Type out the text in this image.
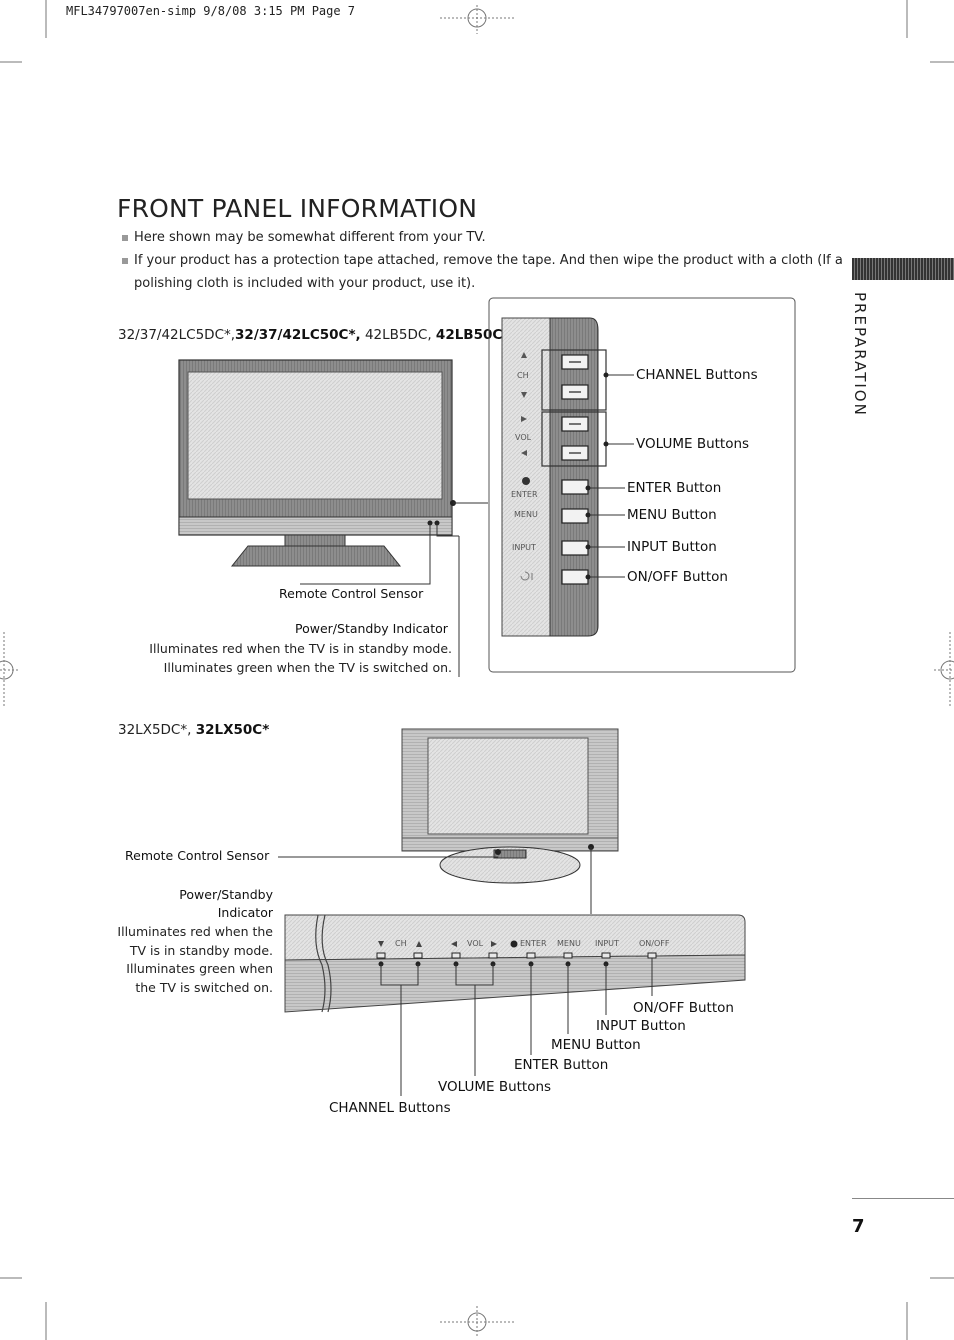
MFL34797007en-simp 9/8/08 3:15 PM Page 7
FRONT PANEL INFORMATION
Here shown may be somewhat different from your TV.
If your product has a protection tape attached, remove the tape. And then wipe the product with a cloth (If a
polishing cloth is included with your product, use it).
PREPARATION
32/37/42LC5DC*,32/37/42LC50C*, 42LB5DC, 42LB50C
Remote Control Sensor
Power/Standby Indicator
Illuminates red when the TV is in standby mode.
Illuminates green when the TV is switched on.
CH
VOL
ENTER
MENU
INPUT
CHANNEL Buttons
VOLUME Buttons
ENTER Button
MENU Button
INPUT Button
ON/OFF Button
32LX5DC*, 32LX50C*
CH	VOL	ENTER MENU INPUT	ON/OFF
Remote Control Sensor
Power/Standby
Indicator
Illuminates red when the
TV is in standby mode.
Illuminates green when
the TV is switched on.
ON/OFF Button
INPUT Button
MENU Button
ENTER Button
VOLUME Buttons
CHANNEL Buttons
7
